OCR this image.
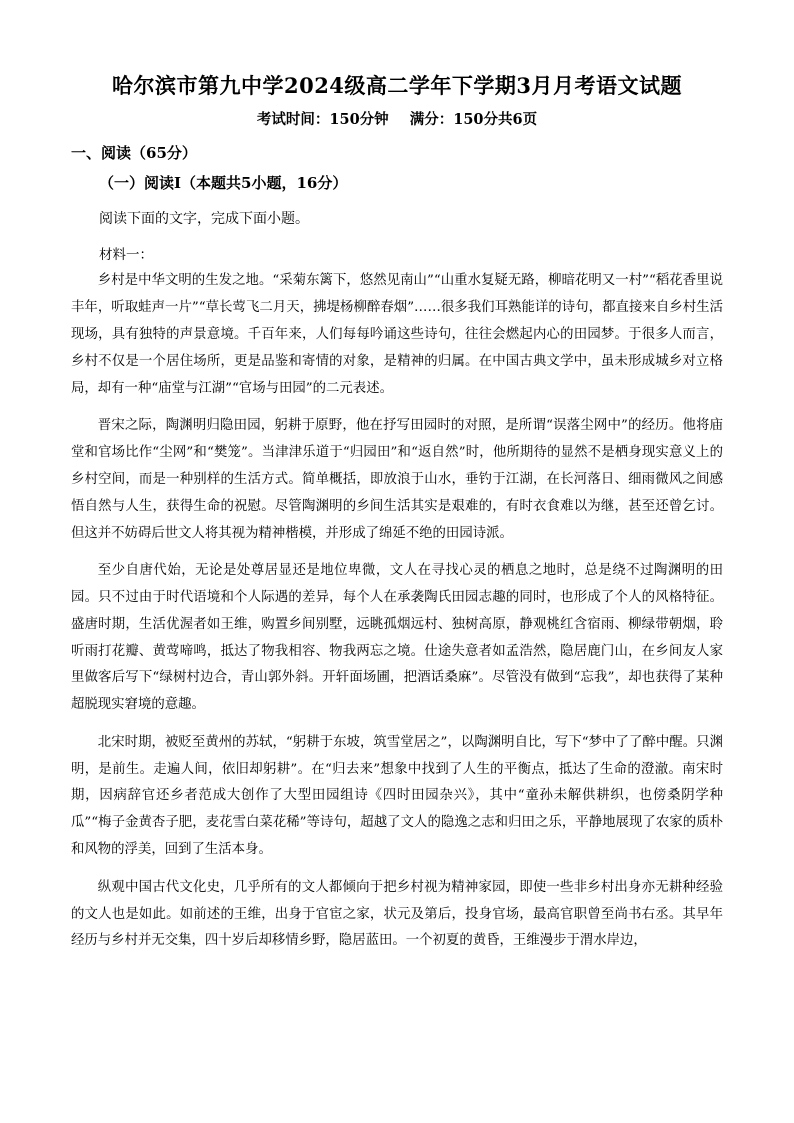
哈尔滨市第九中学2024级高二学年下学期3月月考语文试题
考试时间：150分钟 满分：150分共6页
一、阅读（65分）
（一）阅读Ⅰ（本题共5小题，16分）
阅读下面的文字，完成下面小题。
材料一：

乡村是中华文明的生发之地。“采菊东篱下，悠然见南山”“山重水复疑无路，柳暗花明又一村”“稻花香里说丰年，听取蛙声一片”“草长莺飞二月天，拂堤杨柳醉春烟”……很多我们耳熟能详的诗句，都直接来自乡村生活现场，具有独特的声景意境。千百年来，人们每每吟诵这些诗句，往往会燃起内心的田园梦。于很多人而言，乡村不仅是一个居住场所，更是品鉴和寄情的对象，是精神的归属。在中国古典文学中，虽未形成城乡对立格局，却有一种“庙堂与江湖”“官场与田园”的二元表述。

晋宋之际，陶渊明归隐田园，躬耕于原野，他在抒写田园时的对照，是所谓“误落尘网中”的经历。他将庙堂和官场比作“尘网”和“樊笼”。当津津乐道于“归园田”和“返自然”时，他所期待的显然不是栖身现实意义上的乡村空间，而是一种别样的生活方式。简单概括，即放浪于山水，垂钓于江湖，在长河落日、细雨微风之间感悟自然与人生，获得生命的祝慰。尽管陶渊明的乡间生活其实是艰难的，有时衣食难以为继，甚至还曾乞讨。但这并不妨碍后世文人将其视为精神楷模，并形成了绵延不绝的田园诗派。

至少自唐代始，无论是处尊居显还是地位卑微，文人在寻找心灵的栖息之地时，总是绕不过陶渊明的田园。只不过由于时代语境和个人际遇的差异，每个人在承袭陶氏田园志趣的同时，也形成了个人的风格特征。盛唐时期，生活优渥者如王维，购置乡间别墅，远眺孤烟远村、独树高原，静观桃红含宿雨、柳绿带朝烟，聆听雨打花瓣、黄莺啼鸣，抵达了物我相容、物我两忘之境。仕途失意者如孟浩然，隐居鹿门山，在乡间友人家里做客后写下“绿树村边合，青山郭外斜。开轩面场圃，把酒话桑麻”。尽管没有做到“忘我”，却也获得了某种超脱现实窘境的意趣。

北宋时期，被贬至黄州的苏轼，“躬耕于东坡，筑雪堂居之”，以陶渊明自比，写下“梦中了了醉中醒。只渊明，是前生。走遍人间，依旧却躬耕”。在“归去来”想象中找到了人生的平衡点，抵达了生命的澄澈。南宋时期，因病辞官还乡者范成大创作了大型田园组诗《四时田园杂兴》，其中“童孙未解供耕织，也傍桑阴学种瓜”“梅子金黄杏子肥，麦花雪白菜花稀”等诗句，超越了文人的隐逸之志和归田之乐，平静地展现了农家的质朴和风物的浮美，回到了生活本身。

纵观中国古代文化史，几乎所有的文人都倾向于把乡村视为精神家园，即使一些非乡村出身亦无耕种经验的文人也是如此。如前述的王维，出身于官宦之家，状元及第后，投身官场，最高官职曾至尚书右丞。其早年经历与乡村并无交集，四十岁后却移情乡野，隐居蓝田。一个初夏的黄昏，王维漫步于渭水岸边，
